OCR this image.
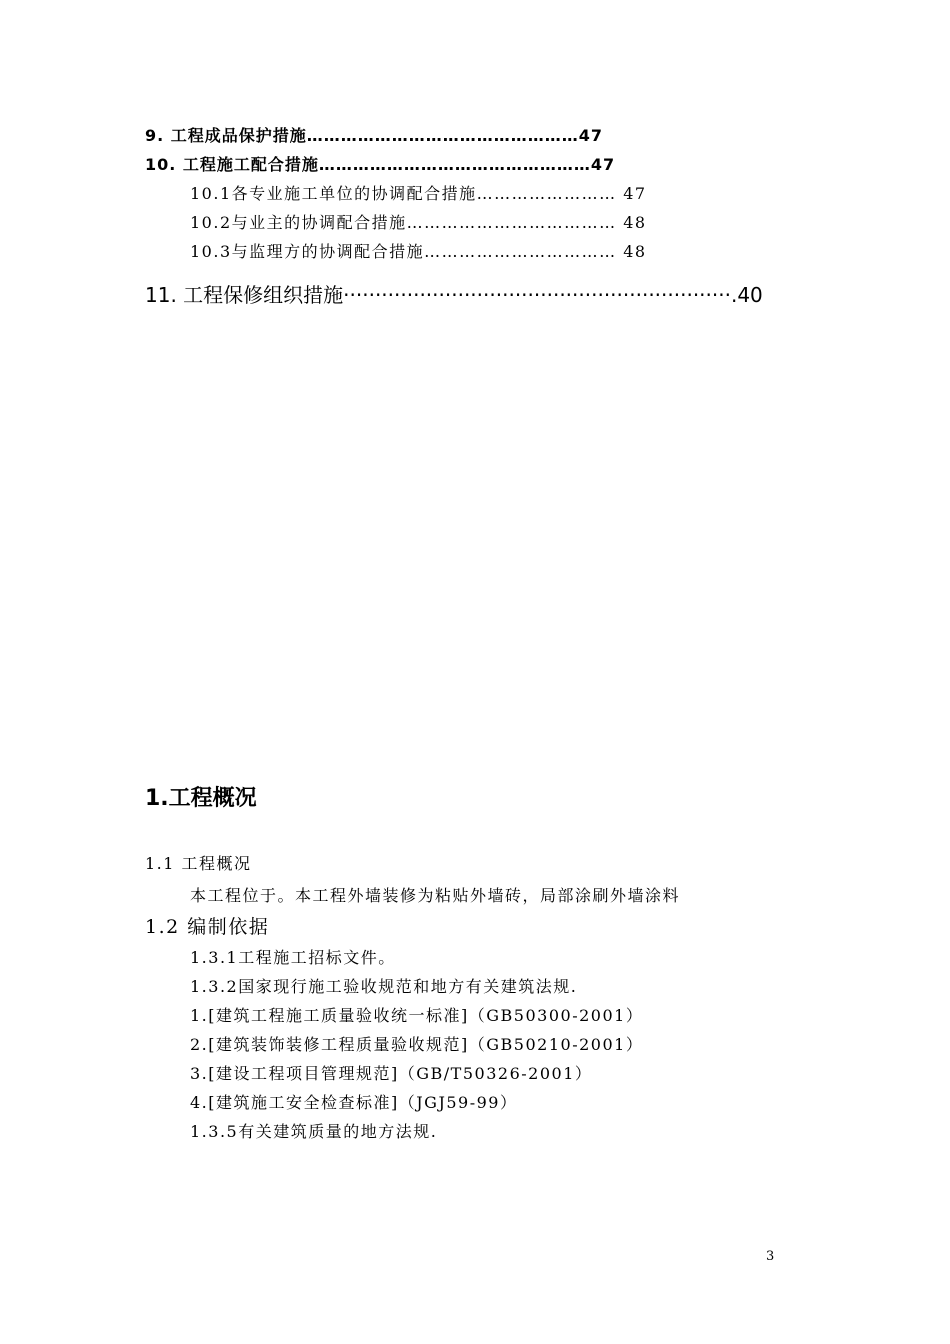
9. 工程成品保护措施…………………………………………47
10. 工程施工配合措施…………………………………………47
10.1各专业施工单位的协调配合措施…………………… 47
10.2与业主的协调配合措施……………………………… 48
10.3与监理方的协调配合措施…………………………… 48
11. 工程保修组织措施·····························································.40
1.工程概况
1.1 工程概况
本工程位于。本工程外墙装修为粘贴外墙砖，局部涂刷外墙涂料
1.2 编制依据
1.3.1工程施工招标文件。
1.3.2国家现行施工验收规范和地方有关建筑法规.
1.[建筑工程施工质量验收统一标准]（GB50300-2001）
2.[建筑装饰装修工程质量验收规范]（GB50210-2001）
3.[建设工程项目管理规范]（GB/T50326-2001）
4.[建筑施工安全检查标准]（JGJ59-99）
1.3.5有关建筑质量的地方法规.
3
